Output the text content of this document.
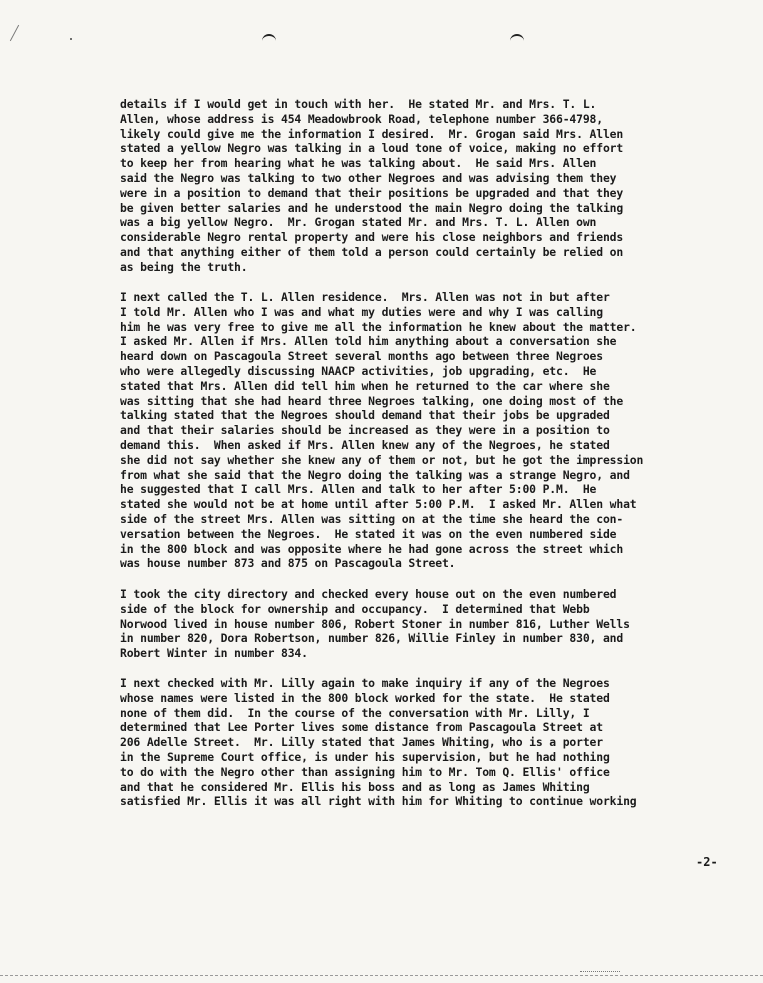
details if I would get in touch with her.  He stated Mr. and Mrs. T. L.
Allen, whose address is 454 Meadowbrook Road, telephone number 366-4798,
likely could give me the information I desired.  Mr. Grogan said Mrs. Allen
stated a yellow Negro was talking in a loud tone of voice, making no effort
to keep her from hearing what he was talking about.  He said Mrs. Allen
said the Negro was talking to two other Negroes and was advising them they
were in a position to demand that their positions be upgraded and that they
be given better salaries and he understood the main Negro doing the talking
was a big yellow Negro.  Mr. Grogan stated Mr. and Mrs. T. L. Allen own
considerable Negro rental property and were his close neighbors and friends
and that anything either of them told a person could certainly be relied on
as being the truth.
I next called the T. L. Allen residence.  Mrs. Allen was not in but after
I told Mr. Allen who I was and what my duties were and why I was calling
him he was very free to give me all the information he knew about the matter.
I asked Mr. Allen if Mrs. Allen told him anything about a conversation she
heard down on Pascagoula Street several months ago between three Negroes
who were allegedly discussing NAACP activities, job upgrading, etc.  He
stated that Mrs. Allen did tell him when he returned to the car where she
was sitting that she had heard three Negroes talking, one doing most of the
talking stated that the Negroes should demand that their jobs be upgraded
and that their salaries should be increased as they were in a position to
demand this.  When asked if Mrs. Allen knew any of the Negroes, he stated
she did not say whether she knew any of them or not, but he got the impression
from what she said that the Negro doing the talking was a strange Negro, and
he suggested that I call Mrs. Allen and talk to her after 5:00 P.M.  He
stated she would not be at home until after 5:00 P.M.  I asked Mr. Allen what
side of the street Mrs. Allen was sitting on at the time she heard the con-
versation between the Negroes.  He stated it was on the even numbered side
in the 800 block and was opposite where he had gone across the street which
was house number 873 and 875 on Pascagoula Street.
I took the city directory and checked every house out on the even numbered
side of the block for ownership and occupancy.  I determined that Webb
Norwood lived in house number 806, Robert Stoner in number 816, Luther Wells
in number 820, Dora Robertson, number 826, Willie Finley in number 830, and
Robert Winter in number 834.
I next checked with Mr. Lilly again to make inquiry if any of the Negroes
whose names were listed in the 800 block worked for the state.  He stated
none of them did.  In the course of the conversation with Mr. Lilly, I
determined that Lee Porter lives some distance from Pascagoula Street at
206 Adelle Street.  Mr. Lilly stated that James Whiting, who is a porter
in the Supreme Court office, is under his supervision, but he had nothing
to do with the Negro other than assigning him to Mr. Tom Q. Ellis' office
and that he considered Mr. Ellis his boss and as long as James Whiting
satisfied Mr. Ellis it was all right with him for Whiting to continue working
-2-
